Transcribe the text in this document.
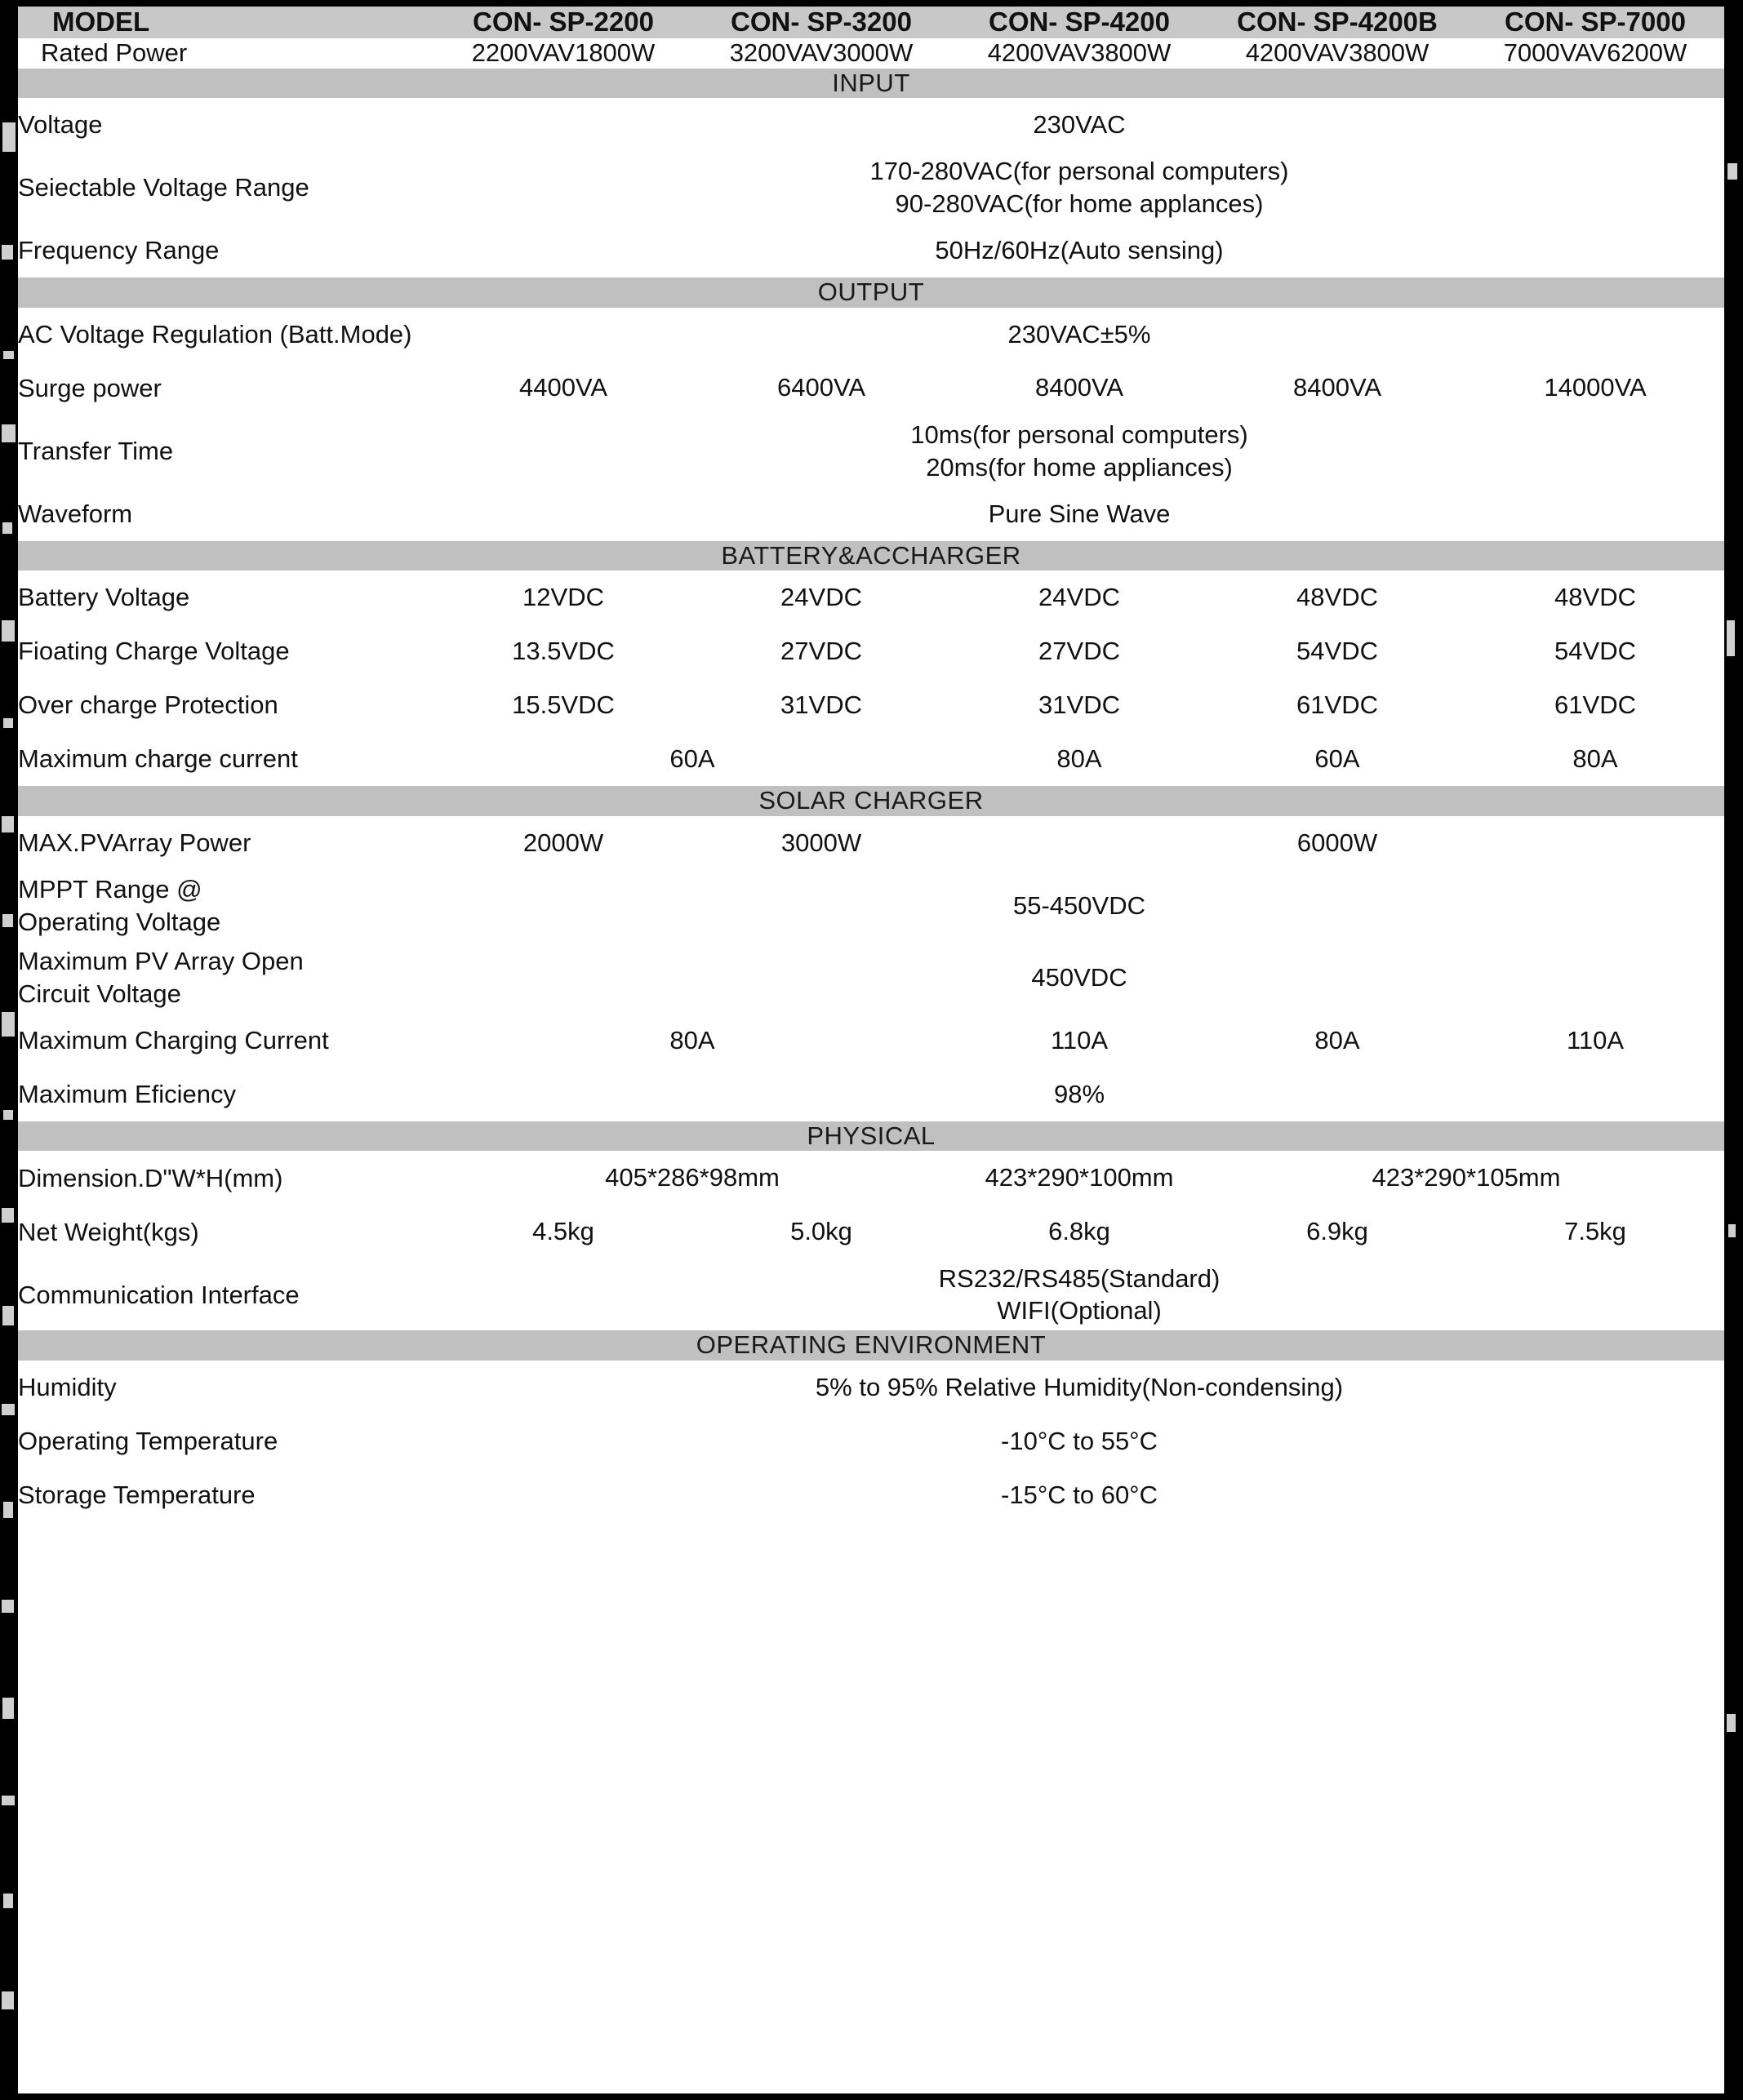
MODEL	CON- SP-2200	CON- SP-3200	CON- SP-4200	CON- SP-4200B	CON- SP-7000
Rated Power	2200VAV1800W	3200VAV3000W	4200VAV3800W	4200VAV3800W	7000VAV6200W
INPUT					
Voltage	230VAC				
Seiectable Voltage Range	170-280VAC(for personal computers)
90-280VAC(for home applances)				
Frequency Range	50Hz/60Hz(Auto sensing)				
OUTPUT					
AC Voltage Regulation (Batt.Mode)	230VAC±5%				
Surge power	4400VA	6400VA	8400VA	8400VA	14000VA
Transfer Time	10ms(for personal computers)
20ms(for home appliances)				
Waveform	Pure Sine Wave				
BATTERY&ACCHARGER					
Battery Voltage	12VDC	24VDC	24VDC	48VDC	48VDC
Fioating Charge Voltage	13.5VDC	27VDC	27VDC	54VDC	54VDC
Over charge Protection	15.5VDC	31VDC	31VDC	61VDC	61VDC
Maximum charge current	60A		80A	60A	80A
SOLAR CHARGER					
MAX.PVArray Power	2000W	3000W		6000W	
MPPT Range @
Operating Voltage	55-450VDC				
Maximum PV Array Open
Circuit Voltage	450VDC				
Maximum Charging Current	80A		110A	80A	110A
Maximum Eficiency	98%				
PHYSICAL					
Dimension.D"W*H(mm)	405*286*98mm		423*290*100mm	423*290*105mm	
Net Weight(kgs)	4.5kg	5.0kg	6.8kg	6.9kg	7.5kg
Communication Interface	RS232/RS485(Standard)
WIFI(Optional)				
OPERATING ENVIRONMENT					
Humidity	5% to 95% Relative Humidity(Non-condensing)				
Operating Temperature	-10°C to 55°C				
Storage Temperature	-15°C to 60°C				
